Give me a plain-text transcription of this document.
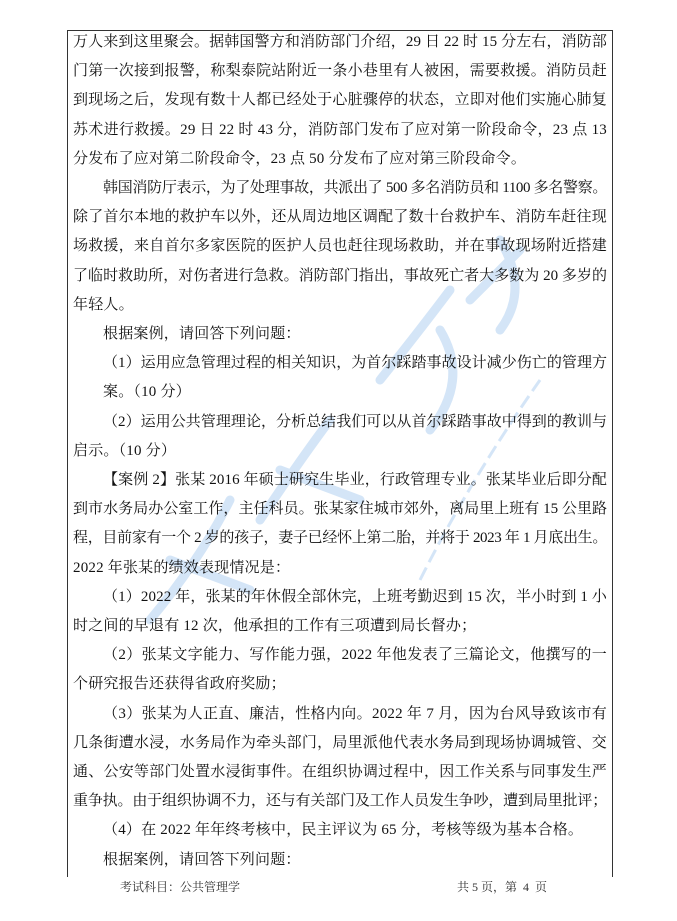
万人来到这里聚会。据韩国警方和消防部门介绍，29 日 22 时 15 分左右，消防部
门第一次接到报警，称梨泰院站附近一条小巷里有人被困，需要救援。消防员赶
到现场之后，发现有数十人都已经处于心脏骤停的状态，立即对他们实施心肺复
苏术进行救援。29 日 22 时 43 分，消防部门发布了应对第一阶段命令，23 点 13
分发布了应对第二阶段命令，23 点 50 分发布了应对第三阶段命令。
韩国消防厅表示，为了处理事故，共派出了 500 多名消防员和 1100 多名警察。
除了首尔本地的救护车以外，还从周边地区调配了数十台救护车、消防车赶往现
场救援，来自首尔多家医院的医护人员也赶往现场救助，并在事故现场附近搭建
了临时救助所，对伤者进行急救。消防部门指出，事故死亡者大多数为 20 多岁的
年轻人。
根据案例，请回答下列问题：
（1）运用应急管理过程的相关知识，为首尔踩踏事故设计减少伤亡的管理方
案。（10 分）
（2）运用公共管理理论，分析总结我们可以从首尔踩踏事故中得到的教训与
启示。（10 分）
【案例 2】张某 2016 年硕士研究生毕业，行政管理专业。张某毕业后即分配
到市水务局办公室工作，主任科员。张某家住城市郊外，离局里上班有 15 公里路
程，目前家有一个 2 岁的孩子，妻子已经怀上第二胎，并将于 2023 年 1 月底出生。
2022 年张某的绩效表现情况是：
（1）2022 年，张某的年休假全部休完，上班考勤迟到 15 次，半小时到 1 小
时之间的早退有 12 次，他承担的工作有三项遭到局长督办；
（2）张某文字能力、写作能力强，2022 年他发表了三篇论文，他撰写的一
个研究报告还获得省政府奖励；
（3）张某为人正直、廉洁，性格内向。2022 年 7 月，因为台风导致该市有
几条街遭水浸，水务局作为牵头部门，局里派他代表水务局到现场协调城管、交
通、公安等部门处置水浸街事件。在组织协调过程中，因工作关系与同事发生严
重争执。由于组织协调不力，还与有关部门及工作人员发生争吵，遭到局里批评；
（4）在 2022 年年终考核中，民主评议为 65 分，考核等级为基本合格。
根据案例，请回答下列问题：
考试科目：公共管理学	共 5 页，第  4  页
